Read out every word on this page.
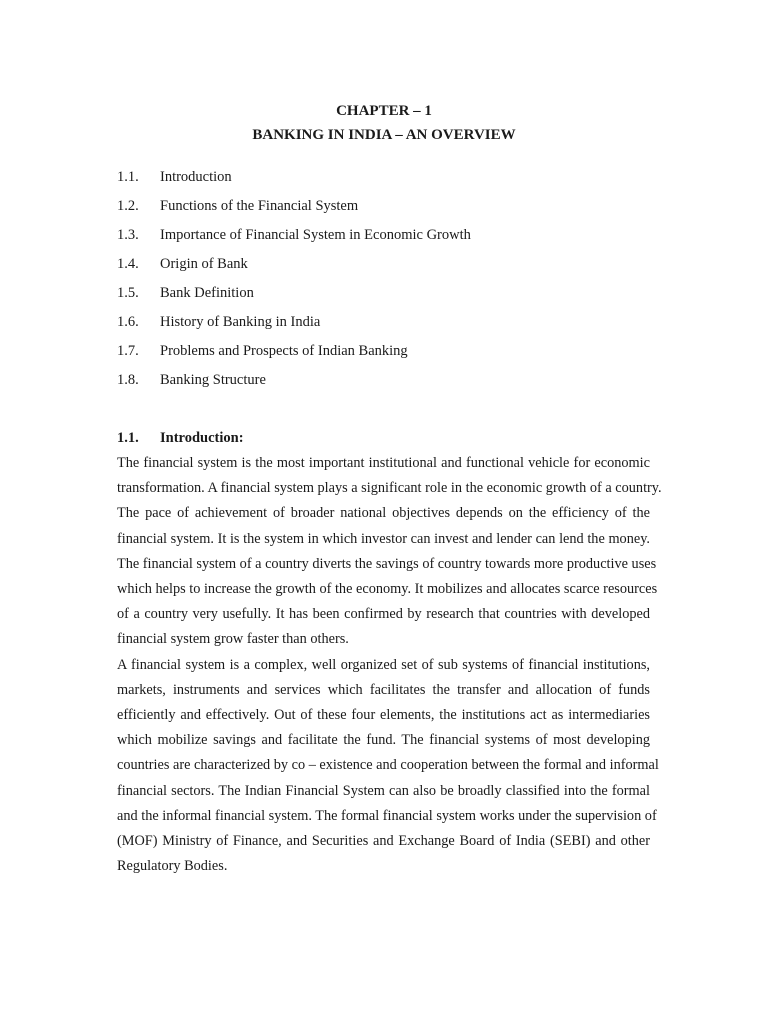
CHAPTER – 1
BANKING IN INDIA – AN OVERVIEW
1.1. Introduction
1.2. Functions of the Financial System
1.3. Importance of Financial System in Economic Growth
1.4. Origin of Bank
1.5. Bank Definition
1.6. History of Banking in India
1.7. Problems and Prospects of Indian Banking
1.8. Banking Structure
1.1. Introduction:

The financial system is the most important institutional and functional vehicle for economic
transformation. A financial system plays a significant role in the economic growth of a country.
The pace of achievement of broader national objectives depends on the efficiency of the
financial system. It is the system in which investor can invest and lender can lend the money.
The financial system of a country diverts the savings of country towards more productive uses
which helps to increase the growth of the economy. It mobilizes and allocates scarce resources
of a country very usefully. It has been confirmed by research that countries with developed
financial system grow faster than others.

A financial system is a complex, well organized set of sub systems of financial institutions,
markets, instruments and services which facilitates the transfer and allocation of funds
efficiently and effectively. Out of these four elements, the institutions act as intermediaries
which mobilize savings and facilitate the fund. The financial systems of most developing
countries are characterized by co – existence and cooperation between the formal and informal
financial sectors. The Indian Financial System can also be broadly classified into the formal
and the informal financial system. The formal financial system works under the supervision of
(MOF) Ministry of Finance, and Securities and Exchange Board of India (SEBI) and other
Regulatory Bodies.
